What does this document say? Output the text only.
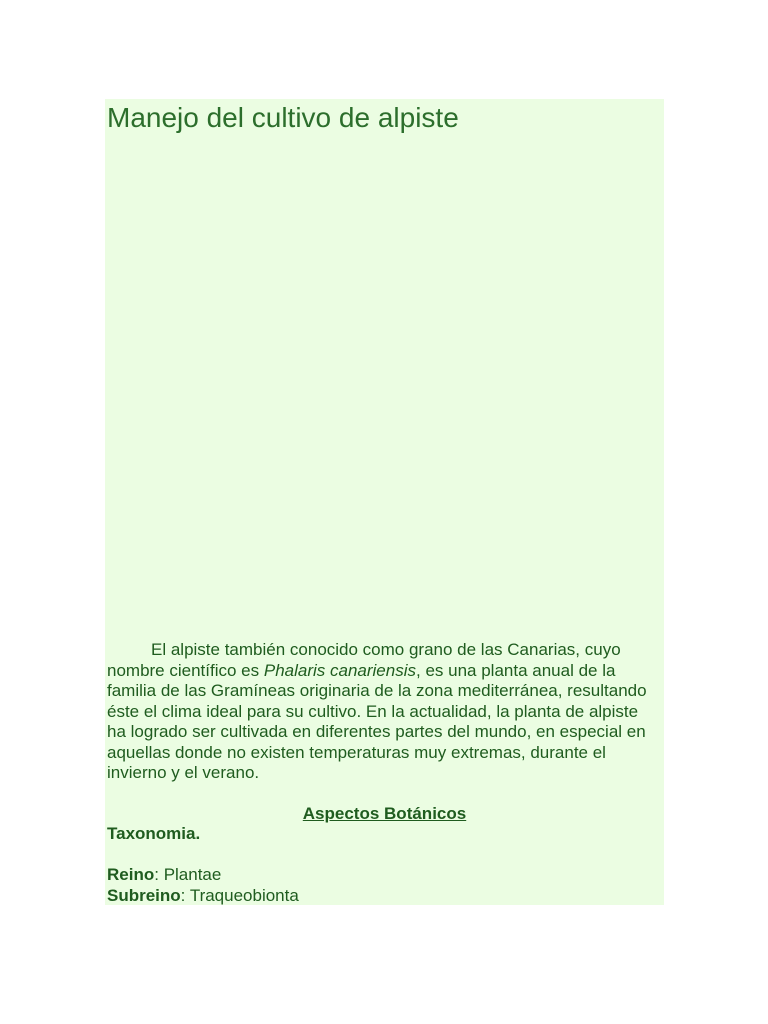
Manejo del cultivo de alpiste

El alpiste también conocido como grano de las Canarias, cuyo nombre científico es Phalaris canariensis, es una planta anual de la familia de las Gramíneas originaria de la zona mediterránea, resultando éste el clima ideal para su cultivo. En la actualidad, la planta de alpiste ha logrado ser cultivada en diferentes partes del mundo, en especial en aquellas donde no existen temperaturas muy extremas, durante el invierno y el verano.

Aspectos Botánicos
Taxonomia.
Reino: Plantae
Subreino: Traqueobionta
